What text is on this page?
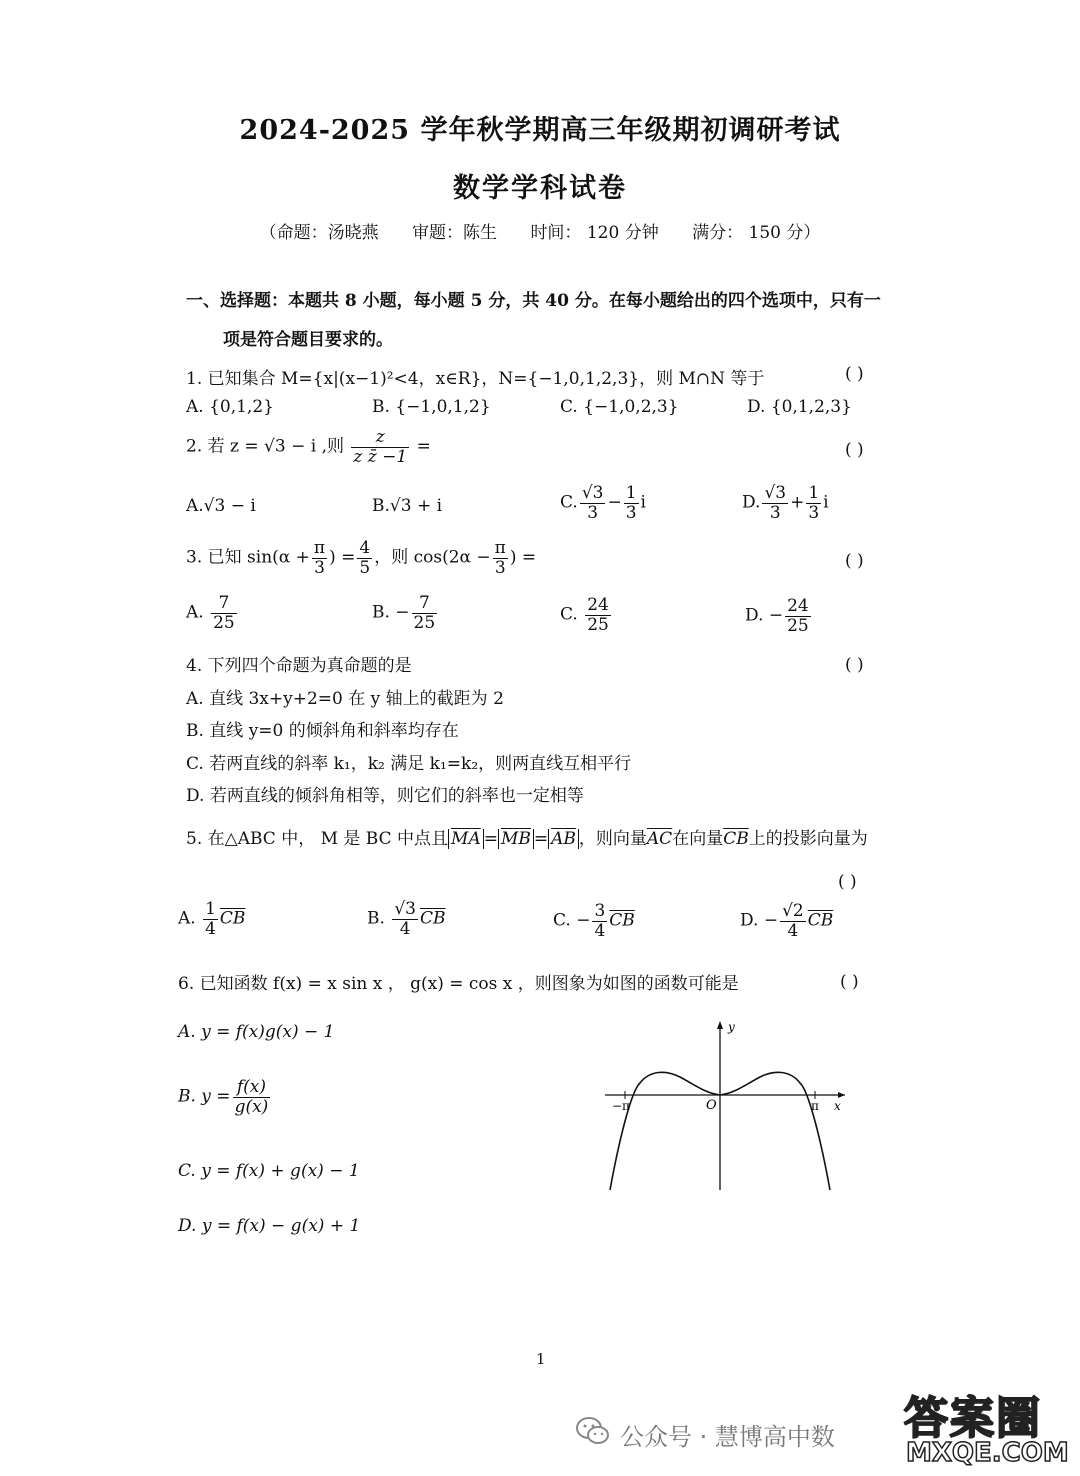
2024-2025 学年秋学期高三年级期初调研考试
数学学科试卷
（命题：汤晓燕 审题：陈生 时间： 120 分钟 满分： 150 分）
一、选择题：本题共 8 小题，每小题 5 分，共 40 分。在每小题给出的四个选项中，只有一
项是符合题目要求的。
1. 已知集合 M={x|(x−1)²<4，x∈R}，N={−1,0,1,2,3}，则 M∩N 等于	( )
A. {0,1,2}	B. {−1,0,1,2}	C. {−1,0,2,3}	D. {0,1,2,3}
2. 若 z = √3 − i ,则 $\frac{z}{\text{z z̄ −1}}$ =	( )
A.√3 − i	B.√3 + i	C. $\frac{√3}{3} - \frac{1}{3}$ i	D. $\frac{√3}{3} + \frac{1}{3}$ i
3. 已知 $\sin(\alpha + \frac{\pi}{3}$ ) = $\frac{4}{5}$ ，则 $\cos(2\alpha - \frac{\pi}{3}$ ) =	( )
A. $\frac{7}{25}$	B. − $\frac{7}{25}$	C. $\frac{24}{25}$	D. − $\frac{24}{25}$
4. 下列四个命题为真命题的是	( )
A. 直线 3x+y+2=0 在 y 轴上的截距为 2
B. 直线 y=0 的倾斜角和斜率均存在
C. 若两直线的斜率 k₁，k₂ 满足 k₁=k₂，则两直线互相平行
D. 若两直线的倾斜角相等，则它们的斜率也一定相等
5. 在△ABC 中， M 是 BC 中点且 $\overline{MA} = \overline{MB} = \overline{AB}$ ，则向量$\overline{AC}$在向量$\overline{CB}$上的投影向量为
( )
A. $\frac{1}{4} \overline{CB}$	B. $\frac{√3}{4} \overline{CB}$	C. − $\frac{3}{4} \overline{CB}$	D. − $\frac{√2}{4} \overline{CB}$
6. 已知函数 f(x) = x sin x ， g(x) = cos x ，则图象为如图的函数可能是	( )
A. y = f(x)g(x) − 1
B. $y = \frac{f(x)}{g(x)}$
C. y = f(x) + g(x) − 1
D. y = f(x) − g(x) + 1
y
x
O
−π	π
1
公众号 · 慧博高中数 答案圈
MXQE.COM
